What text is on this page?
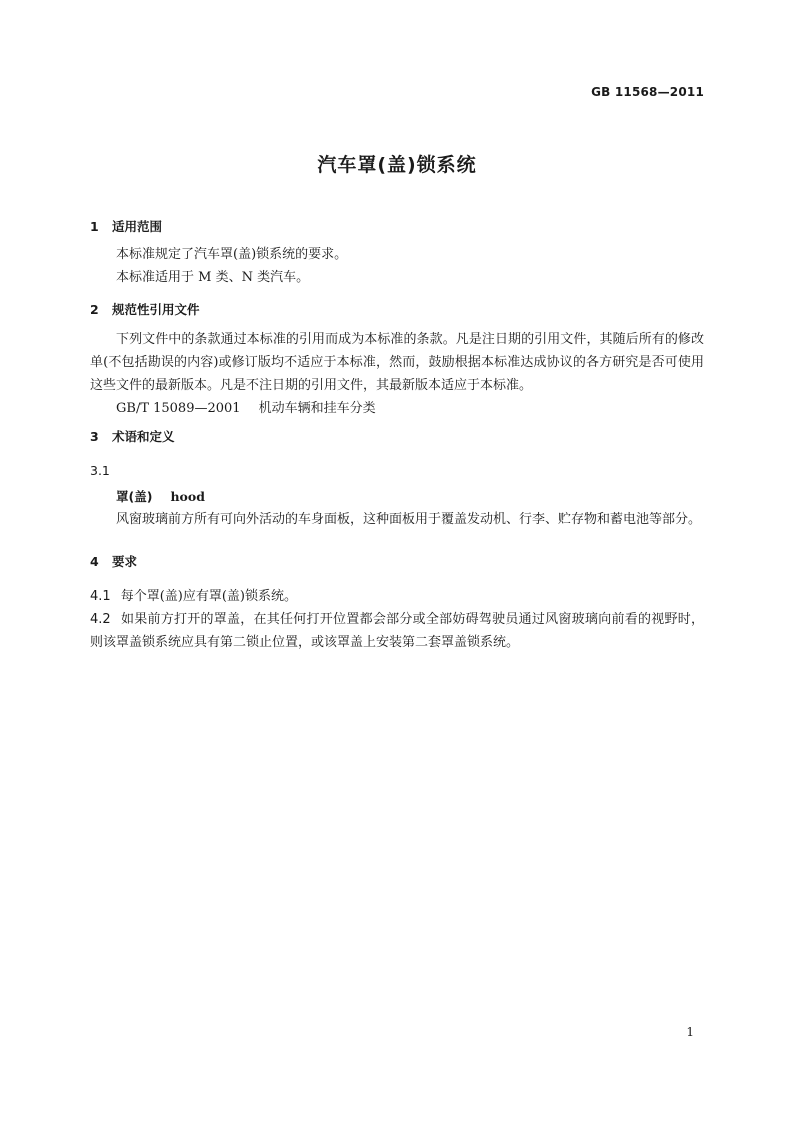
GB 11568—2011
汽车罩(盖)锁系统
1 适用范围
本标准规定了汽车罩(盖)锁系统的要求。
本标准适用于 M 类、N 类汽车。
2 规范性引用文件

下列文件中的条款通过本标准的引用而成为本标准的条款。凡是注日期的引用文件，其随后所有的修改单(不包括勘误的内容)或修订版均不适应于本标准，然而，鼓励根据本标准达成协议的各方研究是否可使用这些文件的最新版本。凡是不注日期的引用文件，其最新版本适应于本标准。

GB/T 15089—2001 机动车辆和挂车分类
3 术语和定义
3.1
罩(盖) hood

风窗玻璃前方所有可向外活动的车身面板，这种面板用于覆盖发动机、行李、贮存物和蓄电池等部分。

4 要求

4.1 每个罩(盖)应有罩(盖)锁系统。

4.2 如果前方打开的罩盖，在其任何打开位置都会部分或全部妨碍驾驶员通过风窗玻璃向前看的视野时，则该罩盖锁系统应具有第二锁止位置，或该罩盖上安装第二套罩盖锁系统。

1
